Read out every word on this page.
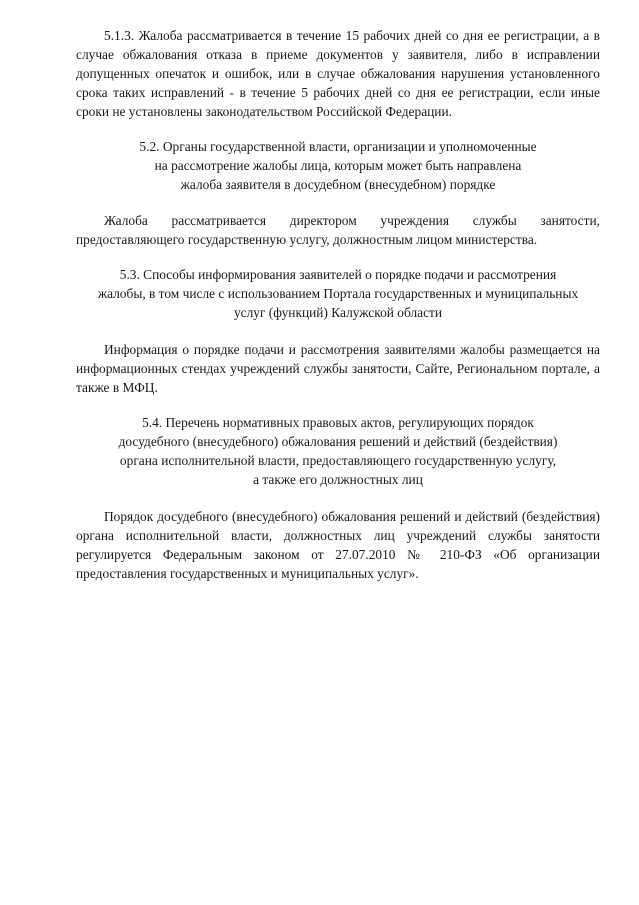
5.1.3. Жалоба рассматривается в течение 15 рабочих дней со дня ее регистрации, а в случае обжалования отказа в приеме документов у заявителя, либо в исправлении допущенных опечаток и ошибок, или в случае обжалования нарушения установленного срока таких исправлений - в течение 5 рабочих дней со дня ее регистрации, если иные сроки не установлены законодательством Российской Федерации.

5.2. Органы государственной власти, организации и уполномоченные
на рассмотрение жалобы лица, которым может быть направлена
жалоба заявителя в досудебном (внесудебном) порядке

Жалоба рассматривается директором учреждения службы занятости, предоставляющего государственную услугу, должностным лицом министерства.

5.3. Способы информирования заявителей о порядке подачи и рассмотрения
жалобы, в том числе с использованием Портала государственных и муниципальных
услуг (функций) Калужской области

Информация о порядке подачи и рассмотрения заявителями жалобы размещается на информационных стендах учреждений службы занятости, Сайте, Региональном портале, а также в МФЦ.

5.4. Перечень нормативных правовых актов, регулирующих порядок
досудебного (внесудебного) обжалования решений и действий (бездействия)
органа исполнительной власти, предоставляющего государственную услугу,
а также его должностных лиц

Порядок досудебного (внесудебного) обжалования решений и действий (бездействия) органа исполнительной власти, должностных лиц учреждений службы занятости регулируется Федеральным законом от 27.07.2010 № 210-ФЗ «Об организации предоставления государственных и муниципальных услуг».
